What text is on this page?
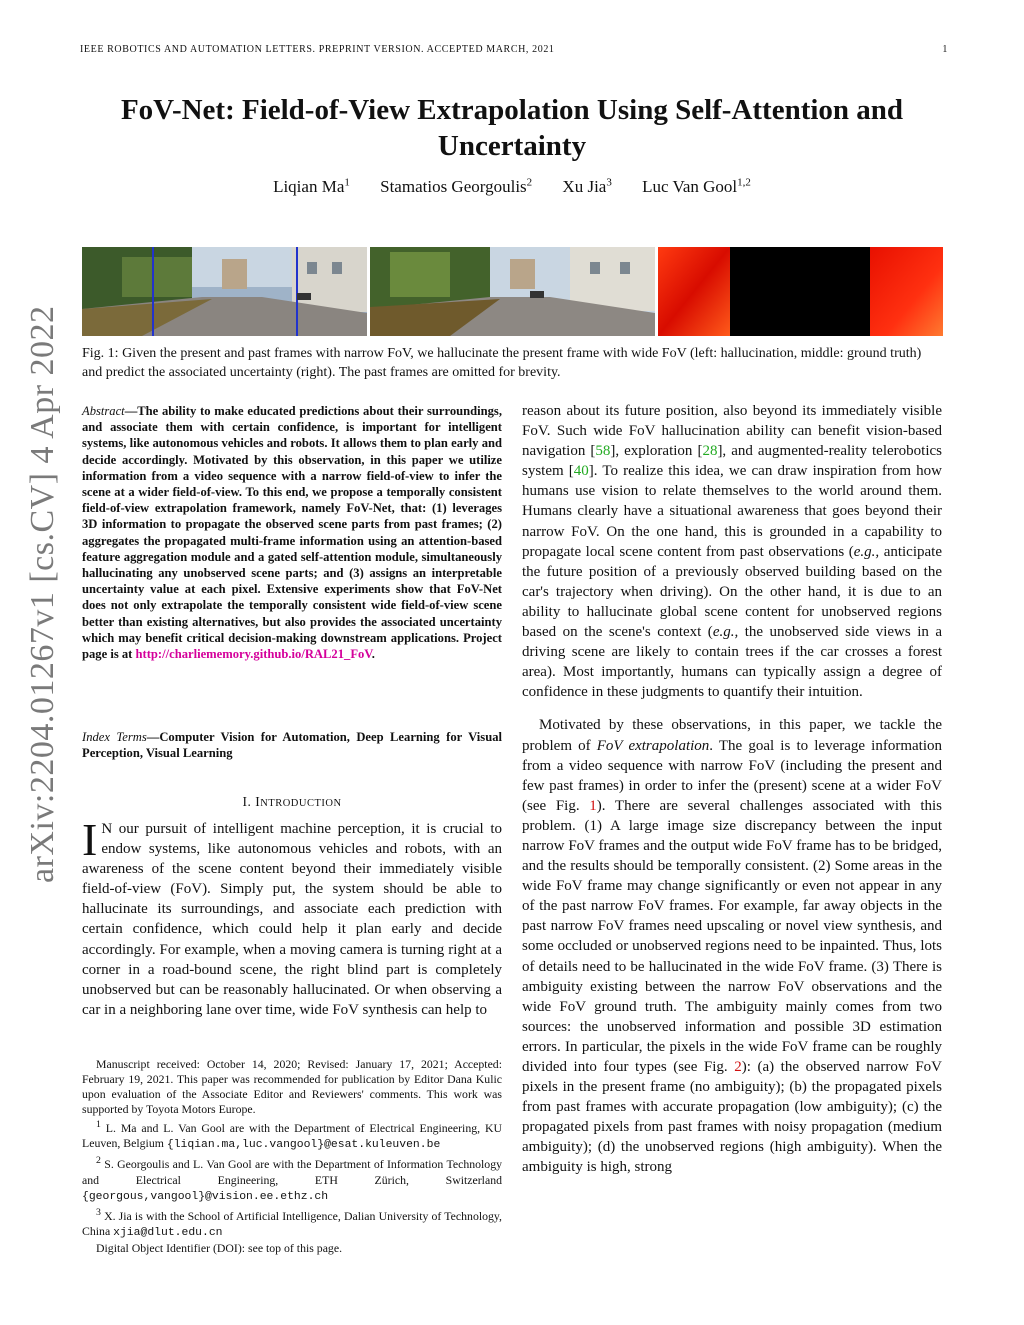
IEEE ROBOTICS AND AUTOMATION LETTERS. PREPRINT VERSION. ACCEPTED MARCH, 2021	1
FoV-Net: Field-of-View Extrapolation Using Self-Attention and Uncertainty
Liqian Ma$^1$ Stamatios Georgoulis$^2$ Xu Jia$^3$ Luc Van Gool$^{1,2}$
Fig. 1: Given the present and past frames with narrow FoV, we hallucinate the present frame with wide FoV (left: hallucination, middle: ground truth) and predict the associated uncertainty (right). The past frames are omitted for brevity.
arXiv:2204.01267v1 [cs.CV] 4 Apr 2022 Abstract—The ability to make educated predictions about their surroundings, and associate them with certain confidence, is important for intelligent systems, like autonomous vehicles and robots. It allows them to plan early and decide accordingly. Motivated by this observation, in this paper we utilize information from a video sequence with a narrow field-of-view to infer the scene at a wider field-of-view. To this end, we propose a temporally consistent field-of-view extrapolation framework, namely FoV-Net, that: (1) leverages 3D information to propagate the observed scene parts from past frames; (2) aggregates the propagated multi-frame information using an attention-based feature aggregation module and a gated self-attention module, simultaneously hallucinating any unobserved scene parts; and (3) assigns an interpretable uncertainty value at each pixel. Extensive experiments show that FoV-Net does not only extrapolate the temporally consistent wide field-of-view scene better than existing alternatives, but also provides the associated uncertainty which may benefit critical decision-making downstream applications. Project page is at http://charliememory.github.io/RAL21_FoV.
Index Terms—Computer Vision for Automation, Deep Learning for Visual Perception, Visual Learning
I. INTRODUCTION
I N our pursuit of intelligent machine perception, it is crucial to endow systems, like autonomous vehicles and robots, with an awareness of the scene content beyond their immediately visible field-of-view (FoV). Simply put, the system should be able to hallucinate its surroundings, and associate each prediction with certain confidence, which could help it plan early and decide accordingly. For example, when a moving camera is turning right at a corner in a road-bound scene, the right blind part is completely unobserved but can be reasonably hallucinated. Or when observing a car in a neighboring lane over time, wide FoV synthesis can help to

Manuscript received: October 14, 2020; Revised: January 17, 2021; Accepted: February 19, 2021. This paper was recommended for publication by Editor Dana Kulic upon evaluation of the Associate Editor and Reviewers' comments. This work was supported by Toyota Motors Europe.

$^1$ L. Ma and L. Van Gool are with the Department of Electrical Engineering, KU Leuven, Belgium {liqian.ma,luc.vangool}@esat.kuleuven.be

$^2$ S. Georgoulis and L. Van Gool are with the Department of Information Technology and Electrical Engineering, ETH Zürich, Switzerland {georgous,vangool}@vision.ee.ethz.ch

$^3$ X. Jia is with the School of Artificial Intelligence, Dalian University of Technology, China xjia@dlut.edu.cn

Digital Object Identifier (DOI): see top of this page.

reason about its future position, also beyond its immediately visible FoV. Such wide FoV hallucination ability can benefit vision-based navigation [58], exploration [28], and augmented-reality telerobotics system [40]. To realize this idea, we can draw inspiration from how humans use vision to relate themselves to the world around them. Humans clearly have a situational awareness that goes beyond their narrow FoV. On the one hand, this is grounded in a capability to propagate local scene content from past observations (e.g., anticipate the future position of a previously observed building based on the car's trajectory when driving). On the other hand, it is due to an ability to hallucinate global scene content for unobserved regions based on the scene's context (e.g., the unobserved side views in a driving scene are likely to contain trees if the car crosses a forest area). Most importantly, humans can typically assign a degree of confidence in these judgments to quantify their intuition.

Motivated by these observations, in this paper, we tackle the problem of FoV extrapolation. The goal is to leverage information from a video sequence with narrow FoV (including the present and few past frames) in order to infer the (present) scene at a wider FoV (see Fig. 1). There are several challenges associated with this problem. (1) A large image size discrepancy between the input narrow FoV frames and the output wide FoV frame has to be bridged, and the results should be temporally consistent. (2) Some areas in the wide FoV frame may change significantly or even not appear in any of the past narrow FoV frames. For example, far away objects in the past narrow FoV frames need upscaling or novel view synthesis, and some occluded or unobserved regions need to be inpainted. Thus, lots of details need to be hallucinated in the wide FoV frame. (3) There is ambiguity existing between the narrow FoV observations and the wide FoV ground truth. The ambiguity mainly comes from two sources: the unobserved information and possible 3D estimation errors. In particular, the pixels in the wide FoV frame can be roughly divided into four types (see Fig. 2): (a) the observed narrow FoV pixels in the present frame (no ambiguity); (b) the propagated pixels from past frames with accurate propagation (low ambiguity); (c) the propagated pixels from past frames with noisy propagation (medium ambiguity); (d) the unobserved regions (high ambiguity). When the ambiguity is high, strong
